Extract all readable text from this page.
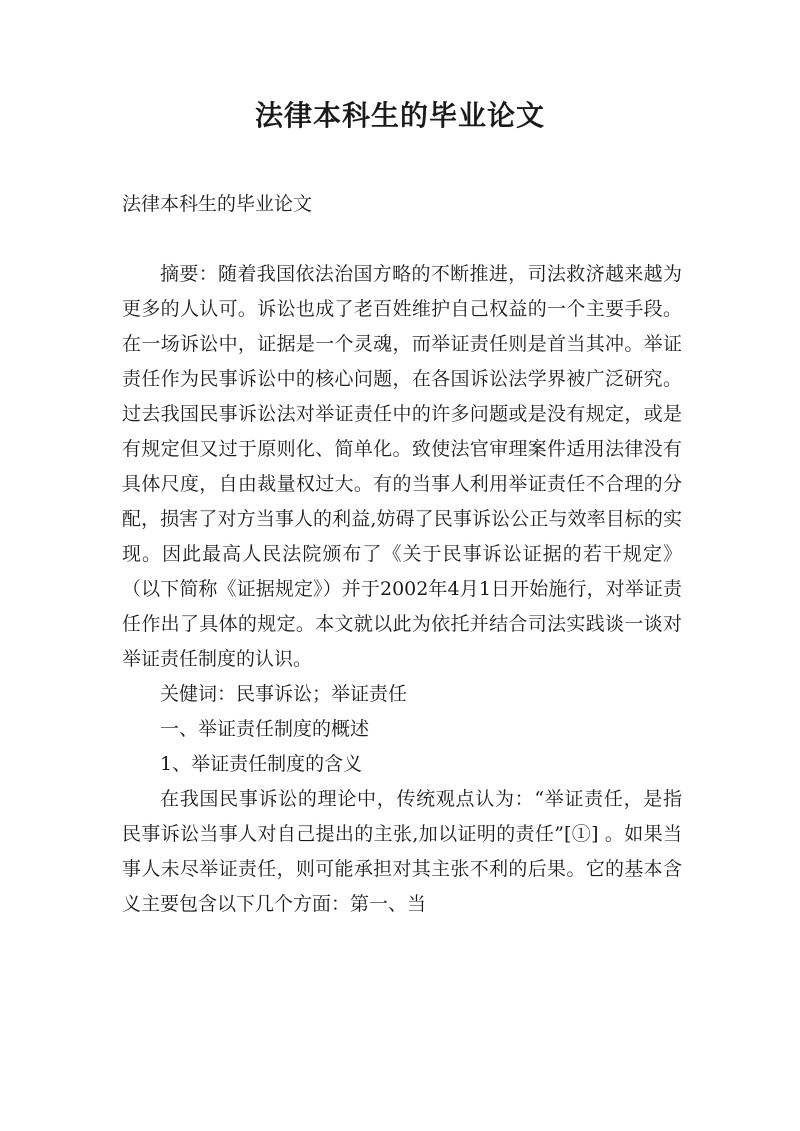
法律本科生的毕业论文
法律本科生的毕业论文

摘要：随着我国依法治国方略的不断推进，司法救济越来越为更多的人认可。诉讼也成了老百姓维护自己权益的一个主要手段。在一场诉讼中，证据是一个灵魂，而举证责任则是首当其冲。举证责任作为民事诉讼中的核心问题，在各国诉讼法学界被广泛研究。过去我国民事诉讼法对举证责任中的许多问题或是没有规定，或是有规定但又过于原则化、简单化。致使法官审理案件适用法律没有具体尺度，自由裁量权过大。有的当事人利用举证责任不合理的分配，损害了对方当事人的利益,妨碍了民事诉讼公正与效率目标的实现。因此最高人民法院颁布了《关于民事诉讼证据的若干规定》（以下简称《证据规定》）并于2002年4月1日开始施行，对举证责任作出了具体的规定。本文就以此为依托并结合司法实践谈一谈对举证责任制度的认识。

关健词：民事诉讼；举证责任

一、举证责任制度的概述

1、举证责任制度的含义

在我国民事诉讼的理论中，传统观点认为：“举证责任，是指民事诉讼当事人对自己提出的主张,加以证明的责任”[①] 。如果当事人未尽举证责任，则可能承担对其主张不利的后果。它的基本含义主要包含以下几个方面：第一、当
